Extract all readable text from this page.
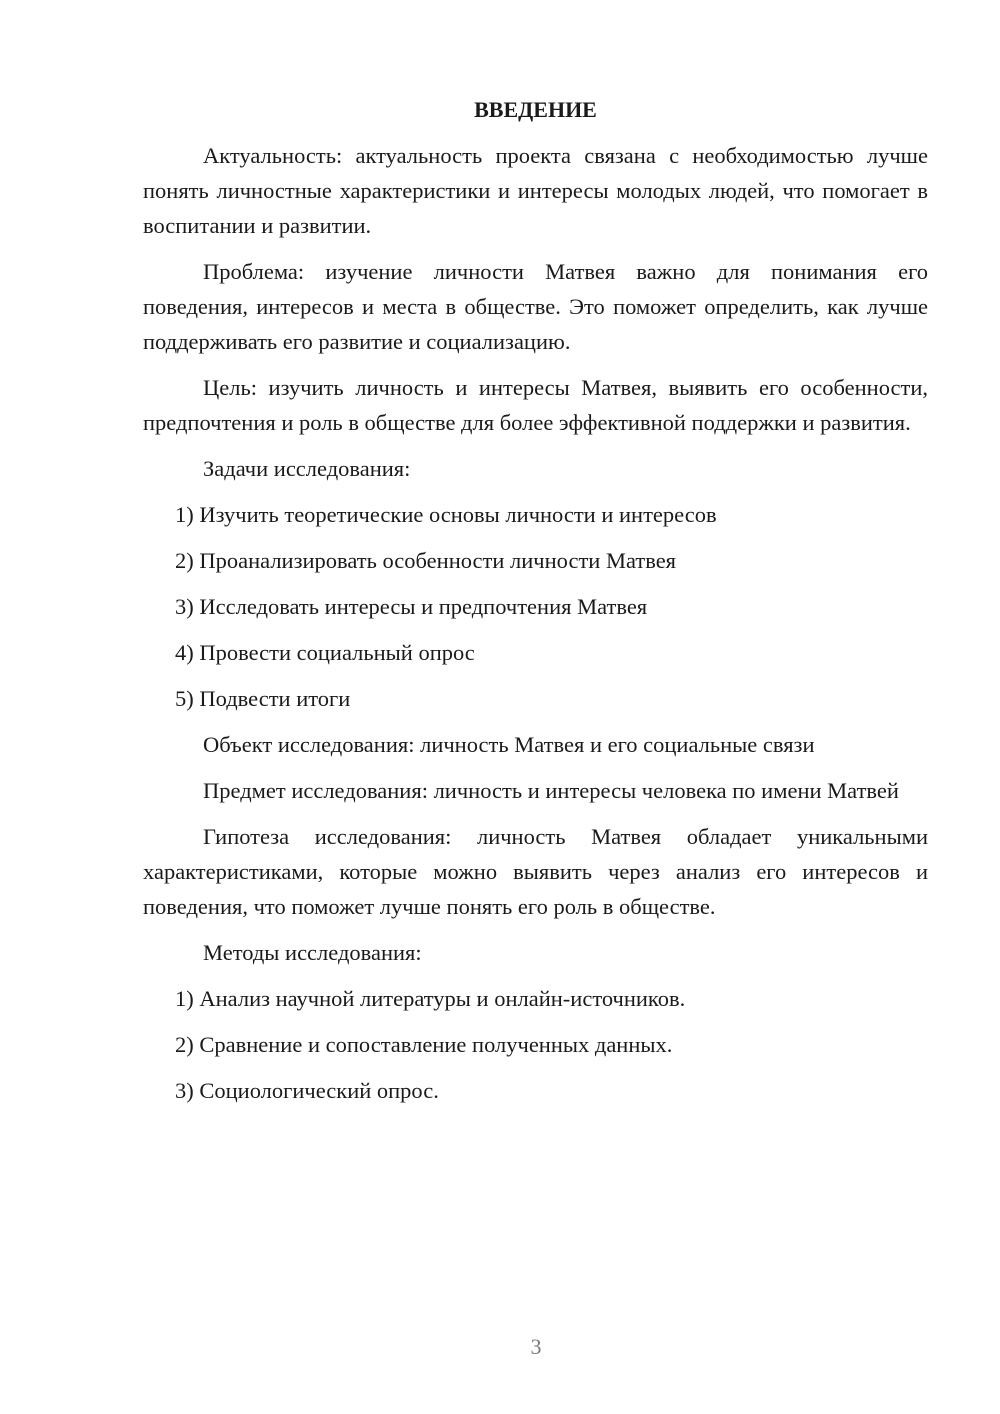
ВВЕДЕНИЕ

Актуальность: актуальность проекта связана с необходимостью лучше понять личностные характеристики и интересы молодых людей, что помогает в воспитании и развитии.

Проблема: изучение личности Матвея важно для понимания его поведения, интересов и места в обществе. Это поможет определить, как лучше поддерживать его развитие и социализацию.

Цель: изучить личность и интересы Матвея, выявить его особенности, предпочтения и роль в обществе для более эффективной поддержки и развития.

Задачи исследования:

1) Изучить теоретические основы личности и интересов
2) Проанализировать особенности личности Матвея
3) Исследовать интересы и предпочтения Матвея
4) Провести социальный опрос
5) Подвести итоги

Объект исследования: личность Матвея и его социальные связи

Предмет исследования: личность и интересы человека по имени Матвей

Гипотеза исследования: личность Матвея обладает уникальными характеристиками, которые можно выявить через анализ его интересов и поведения, что поможет лучше понять его роль в обществе.

Методы исследования:

1) Анализ научной литературы и онлайн-источников.
2) Сравнение и сопоставление полученных данных.
3) Социологический опрос.
3
